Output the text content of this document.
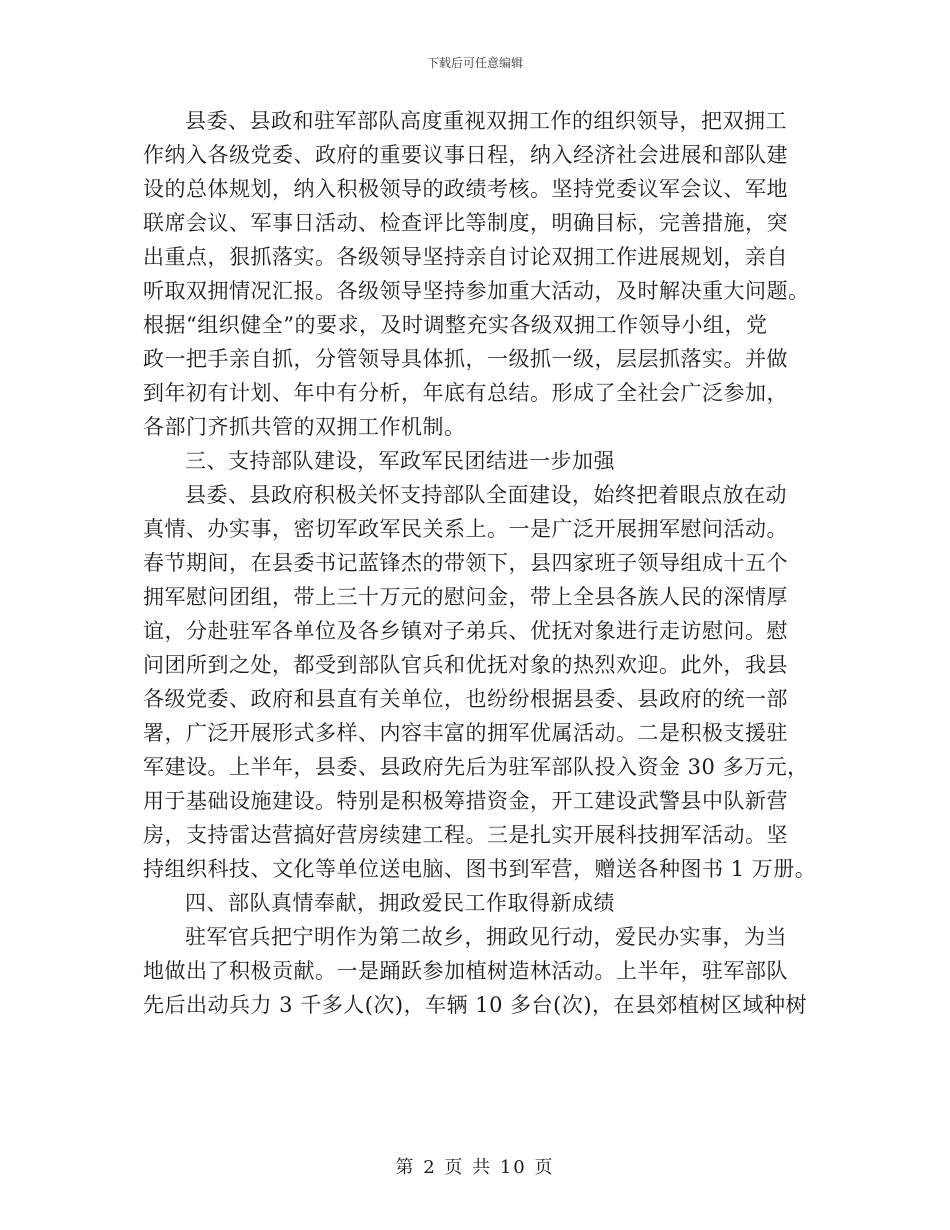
下载后可任意编辑
县委、县政和驻军部队高度重视双拥工作的组织领导，把双拥工
作纳入各级党委、政府的重要议事日程，纳入经济社会进展和部队建
设的总体规划，纳入积极领导的政绩考核。坚持党委议军会议、军地
联席会议、军事日活动、检查评比等制度，明确目标，完善措施，突
出重点，狠抓落实。各级领导坚持亲自讨论双拥工作进展规划，亲自
听取双拥情况汇报。各级领导坚持参加重大活动，及时解决重大问题。
根据“组织健全”的要求，及时调整充实各级双拥工作领导小组，党
政一把手亲自抓，分管领导具体抓，一级抓一级，层层抓落实。并做
到年初有计划、年中有分析，年底有总结。形成了全社会广泛参加，
各部门齐抓共管的双拥工作机制。
三、支持部队建设，军政军民团结进一步加强
县委、县政府积极关怀支持部队全面建设，始终把着眼点放在动
真情、办实事，密切军政军民关系上。一是广泛开展拥军慰问活动。
春节期间，在县委书记蓝锋杰的带领下，县四家班子领导组成十五个
拥军慰问团组，带上三十万元的慰问金，带上全县各族人民的深情厚
谊，分赴驻军各单位及各乡镇对子弟兵、优抚对象进行走访慰问。慰
问团所到之处，都受到部队官兵和优抚对象的热烈欢迎。此外，我县
各级党委、政府和县直有关单位，也纷纷根据县委、县政府的统一部
署，广泛开展形式多样、内容丰富的拥军优属活动。二是积极支援驻
军建设。上半年，县委、县政府先后为驻军部队投入资金 30 多万元，
用于基础设施建设。特别是积极筹措资金，开工建设武警县中队新营
房，支持雷达营搞好营房续建工程。三是扎实开展科技拥军活动。坚
持组织科技、文化等单位送电脑、图书到军营，赠送各种图书 1 万册。
四、部队真情奉献，拥政爱民工作取得新成绩
驻军官兵把宁明作为第二故乡，拥政见行动，爱民办实事，为当
地做出了积极贡献。一是踊跃参加植树造林活动。上半年，驻军部队
先后出动兵力 3 千多人(次)，车辆 10 多台(次)，在县郊植树区域种树
第 2 页 共 10 页
